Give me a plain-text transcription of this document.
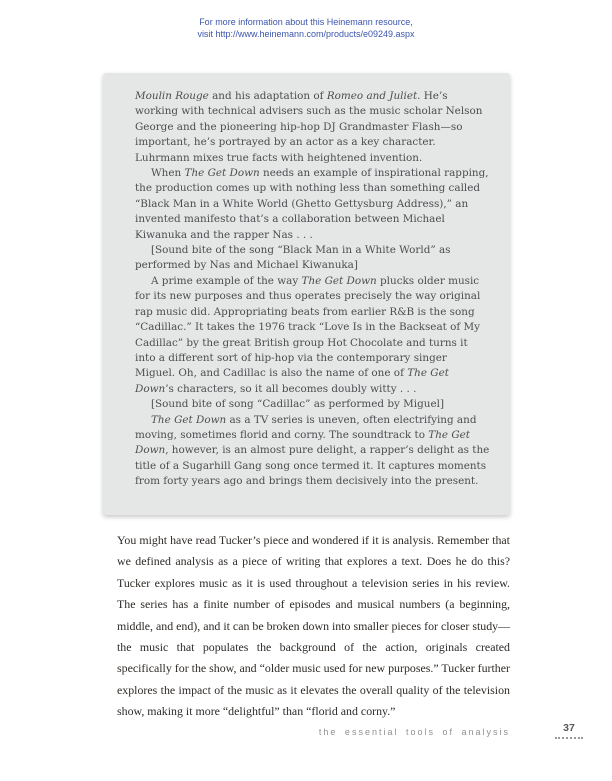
For more information about this Heinemann resource,
visit http://www.heinemann.com/products/e09249.aspx

Moulin Rouge and his adaptation of Romeo and Juliet. He’s working with technical advisers such as the music scholar Nelson George and the pioneering hip-hop DJ Grandmaster Flash—so important, he’s portrayed by an actor as a key character. Luhrmann mixes true facts with heightened invention.

When The Get Down needs an example of inspirational rapping, the production comes up with nothing less than something called “Black Man in a White World (Ghetto Gettysburg Address),” an invented manifesto that’s a collaboration between Michael Kiwanuka and the rapper Nas . . .

[Sound bite of the song “Black Man in a White World” as performed by Nas and Michael Kiwanuka]

A prime example of the way The Get Down plucks older music for its new purposes and thus operates precisely the way original rap music did. Appropriating beats from earlier R&B is the song “Cadillac.” It takes the 1976 track “Love Is in the Backseat of My Cadillac” by the great British group Hot Chocolate and turns it into a different sort of hip-hop via the contemporary singer Miguel. Oh, and Cadillac is also the name of one of The Get Down’s characters, so it all becomes doubly witty . . .

[Sound bite of song “Cadillac” as performed by Miguel]

The Get Down as a TV series is uneven, often electrifying and moving, sometimes florid and corny. The soundtrack to The Get Down, however, is an almost pure delight, a rapper’s delight as the title of a Sugarhill Gang song once termed it. It captures moments from forty years ago and brings them decisively into the present.

You might have read Tucker’s piece and wondered if it is analysis. Remember that we defined analysis as a piece of writing that explores a text. Does he do this? Tucker explores music as it is used throughout a television series in his review. The series has a finite number of episodes and musical numbers (a beginning, middle, and end), and it can be broken down into smaller pieces for closer study—the music that populates the background of the action, originals created specifically for the show, and “older music used for new purposes.” Tucker further explores the impact of the music as it elevates the overall quality of the television show, making it more “delightful” than “florid and corny.”

the essential tools of analysis	37
